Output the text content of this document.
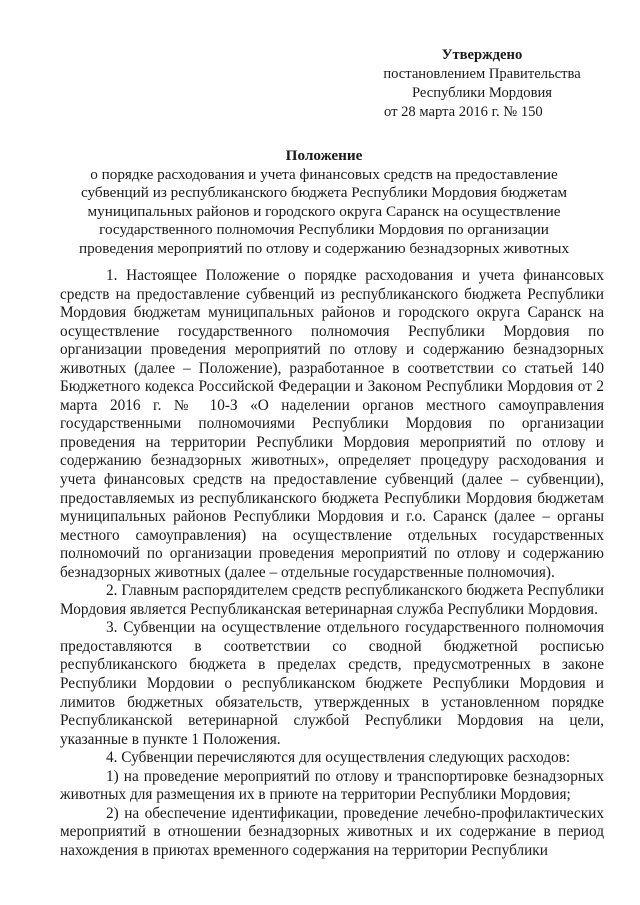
Утверждено
постановлением Правительства
Республики Мордовия
от 28 марта 2016 г. № 150
Положение
о порядке расходования и учета финансовых средств на предоставление
субвенций из республиканского бюджета Республики Мордовия бюджетам
муниципальных районов и городского округа Саранск на осуществление
государственного полномочия Республики Мордовия по организации
проведения мероприятий по отлову и содержанию безнадзорных животных

1. Настоящее Положение о порядке расходования и учета финансовых средств на предоставление субвенций из республиканского бюджета Республики Мордовия бюджетам муниципальных районов и городского округа Саранск на осуществление государственного полномочия Республики Мордовия по организации проведения мероприятий по отлову и содержанию безнадзорных животных (далее – Положение), разработанное в соответствии со статьей 140 Бюджетного кодекса Российской Федерации и Законом Республики Мордовия от 2 марта 2016 г. № 10-З «О наделении органов местного самоуправления государственными полномочиями Республики Мордовия по организации проведения на территории Республики Мордовия мероприятий по отлову и содержанию безнадзорных животных», определяет процедуру расходования и учета финансовых средств на предоставление субвенций (далее – субвенции), предоставляемых из республиканского бюджета Республики Мордовия бюджетам муниципальных районов Республики Мордовия и г.о. Саранск (далее – органы местного самоуправления) на осуществление отдельных государственных полномочий по организации проведения мероприятий по отлову и содержанию безнадзорных животных (далее – отдельные государственные полномочия).

2. Главным распорядителем средств республиканского бюджета Республики Мордовия является Республиканская ветеринарная служба Республики Мордовия.

3. Субвенции на осуществление отдельного государственного полномочия предоставляются в соответствии со сводной бюджетной росписью республиканского бюджета в пределах средств, предусмотренных в законе Республики Мордовии о республиканском бюджете Республики Мордовия и лимитов бюджетных обязательств, утвержденных в установленном порядке Республиканской ветеринарной службой Республики Мордовия на цели, указанные в пункте 1 Положения.

4. Субвенции перечисляются для осуществления следующих расходов:

1) на проведение мероприятий по отлову и транспортировке безнадзорных животных для размещения их в приюте на территории Республики Мордовия;

2) на обеспечение идентификации, проведение лечебно-профилактических мероприятий в отношении безнадзорных животных и их содержание в период нахождения в приютах временного содержания на территории Республики
